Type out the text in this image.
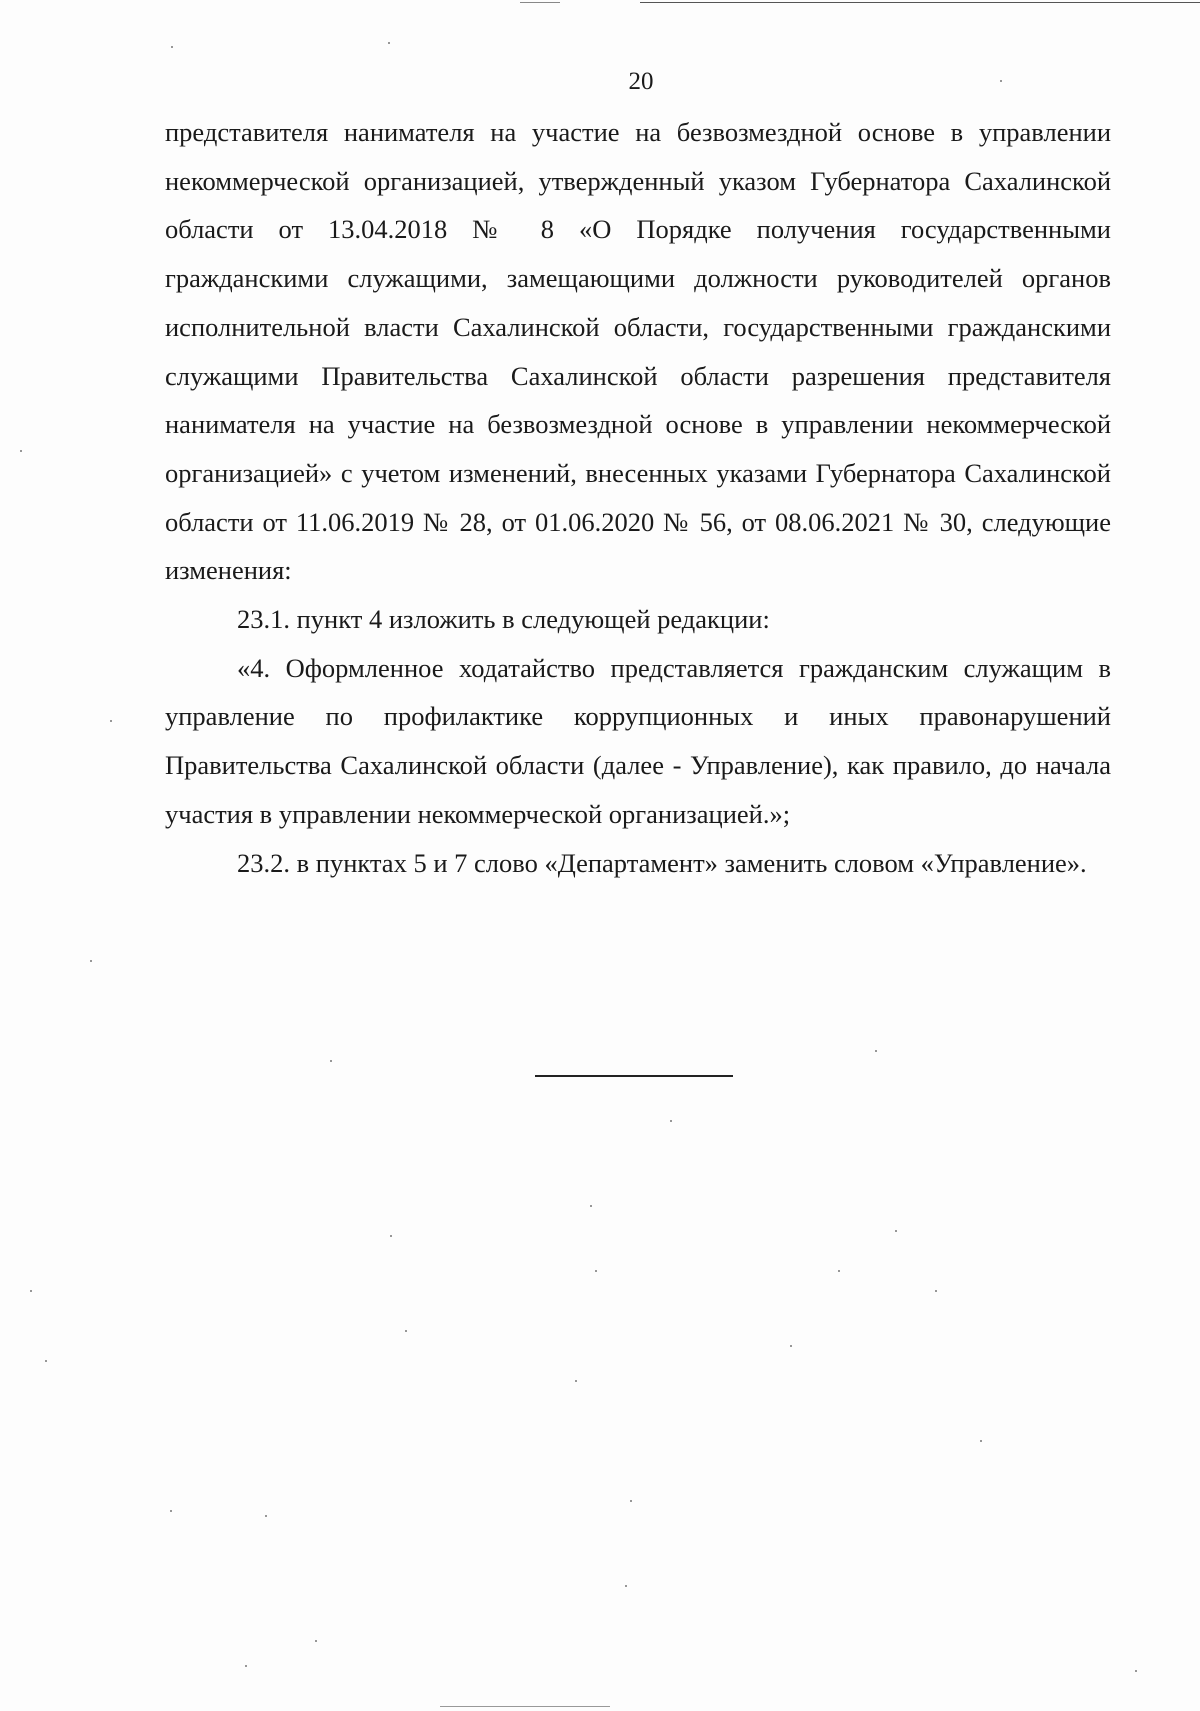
20

представителя нанимателя на участие на безвозмездной основе в управлении некоммерческой организацией, утвержденный указом Губернатора Сахалинской области от 13.04.2018 № 8 «О Порядке получения государственными гражданскими служащими, замещающими должности руководителей органов исполнительной власти Сахалинской области, государственными гражданскими служащими Правительства Сахалинской области разрешения представителя нанимателя на участие на безвозмездной основе в управлении некоммерческой организацией» с учетом изменений, внесенных указами Губернатора Сахалинской области от 11.06.2019 № 28, от 01.06.2020 № 56, от 08.06.2021 № 30, следующие изменения:

23.1. пункт 4 изложить в следующей редакции:

«4. Оформленное ходатайство представляется гражданским служащим в управление по профилактике коррупционных и иных правонарушений Правительства Сахалинской области (далее - Управление), как правило, до начала участия в управлении некоммерческой организацией.»;

23.2. в пунктах 5 и 7 слово «Департамент» заменить словом «Управление».
